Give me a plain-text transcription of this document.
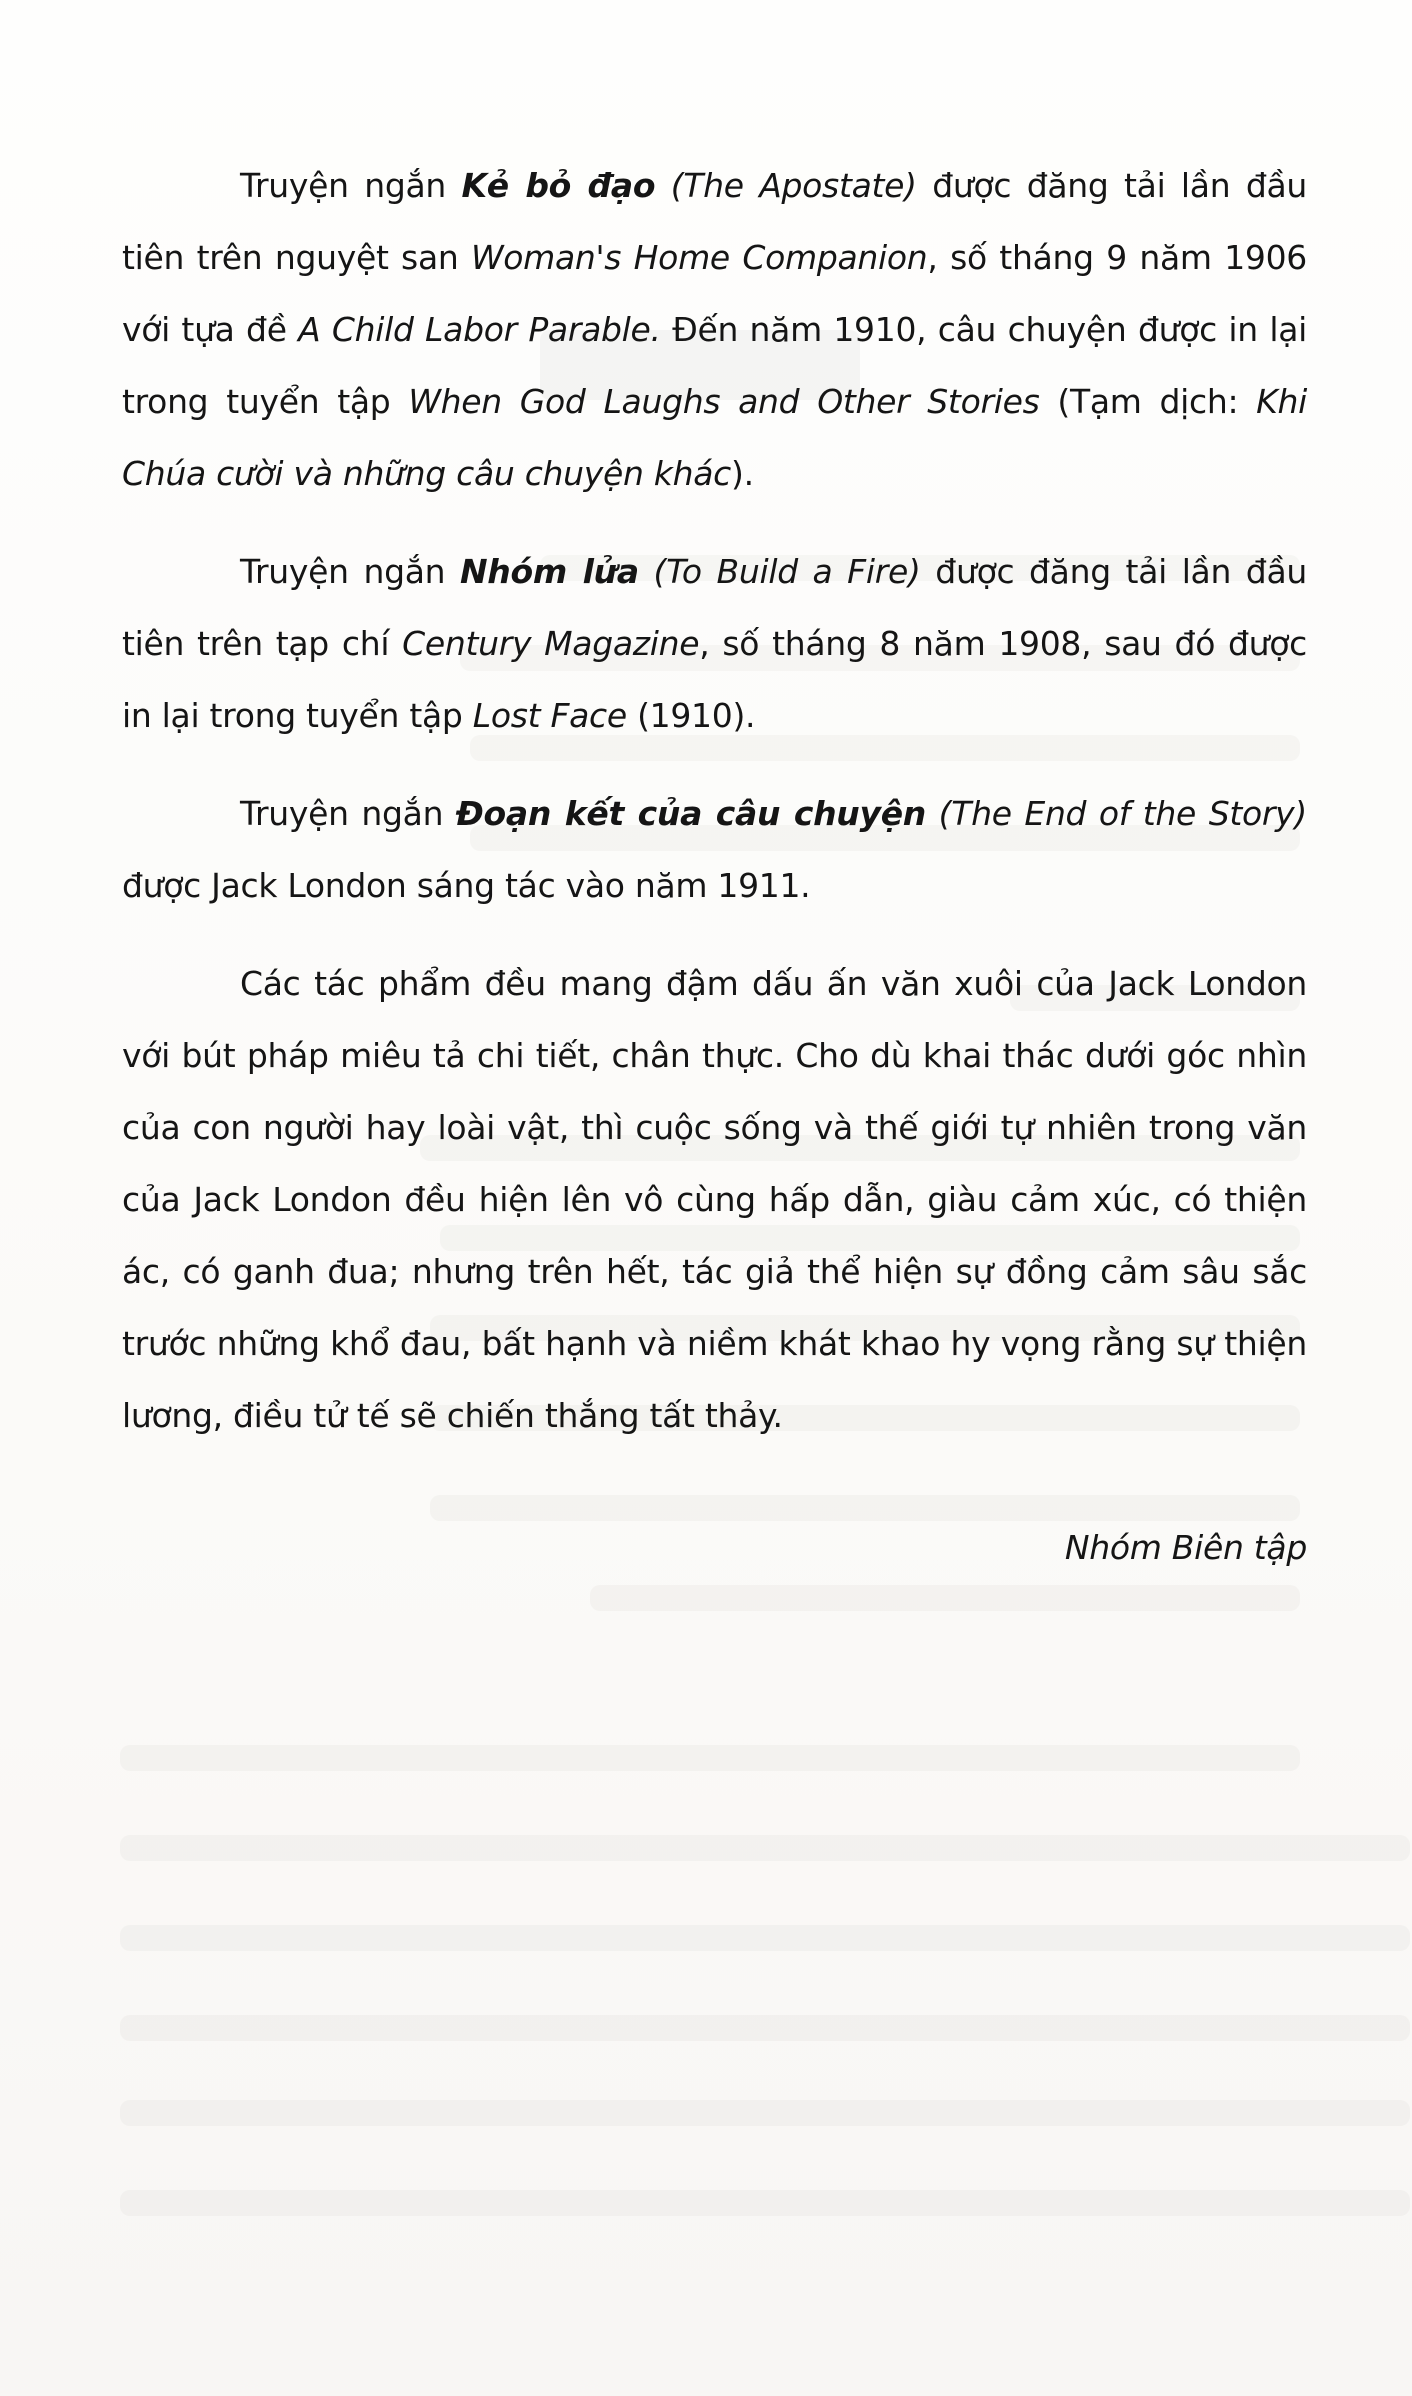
Truyện ngắn Kẻ bỏ đạo (The Apostate) được đăng tải lần đầu tiên trên nguyệt san Woman's Home Companion, số tháng 9 năm 1906 với tựa đề A Child Labor Parable. Đến năm 1910, câu chuyện được in lại trong tuyển tập When God Laughs and Other Stories (Tạm dịch: Khi Chúa cười và những câu chuyện khác).

Truyện ngắn Nhóm lửa (To Build a Fire) được đăng tải lần đầu tiên trên tạp chí Century Magazine, số tháng 8 năm 1908, sau đó được in lại trong tuyển tập Lost Face (1910).

Truyện ngắn Đoạn kết của câu chuyện (The End of the Story) được Jack London sáng tác vào năm 1911.

Các tác phẩm đều mang đậm dấu ấn văn xuôi của Jack London với bút pháp miêu tả chi tiết, chân thực. Cho dù khai thác dưới góc nhìn của con người hay loài vật, thì cuộc sống và thế giới tự nhiên trong văn của Jack London đều hiện lên vô cùng hấp dẫn, giàu cảm xúc, có thiện ác, có ganh đua; nhưng trên hết, tác giả thể hiện sự đồng cảm sâu sắc trước những khổ đau, bất hạnh và niềm khát khao hy vọng rằng sự thiện lương, điều tử tế sẽ chiến thắng tất thảy.

Nhóm Biên tập
